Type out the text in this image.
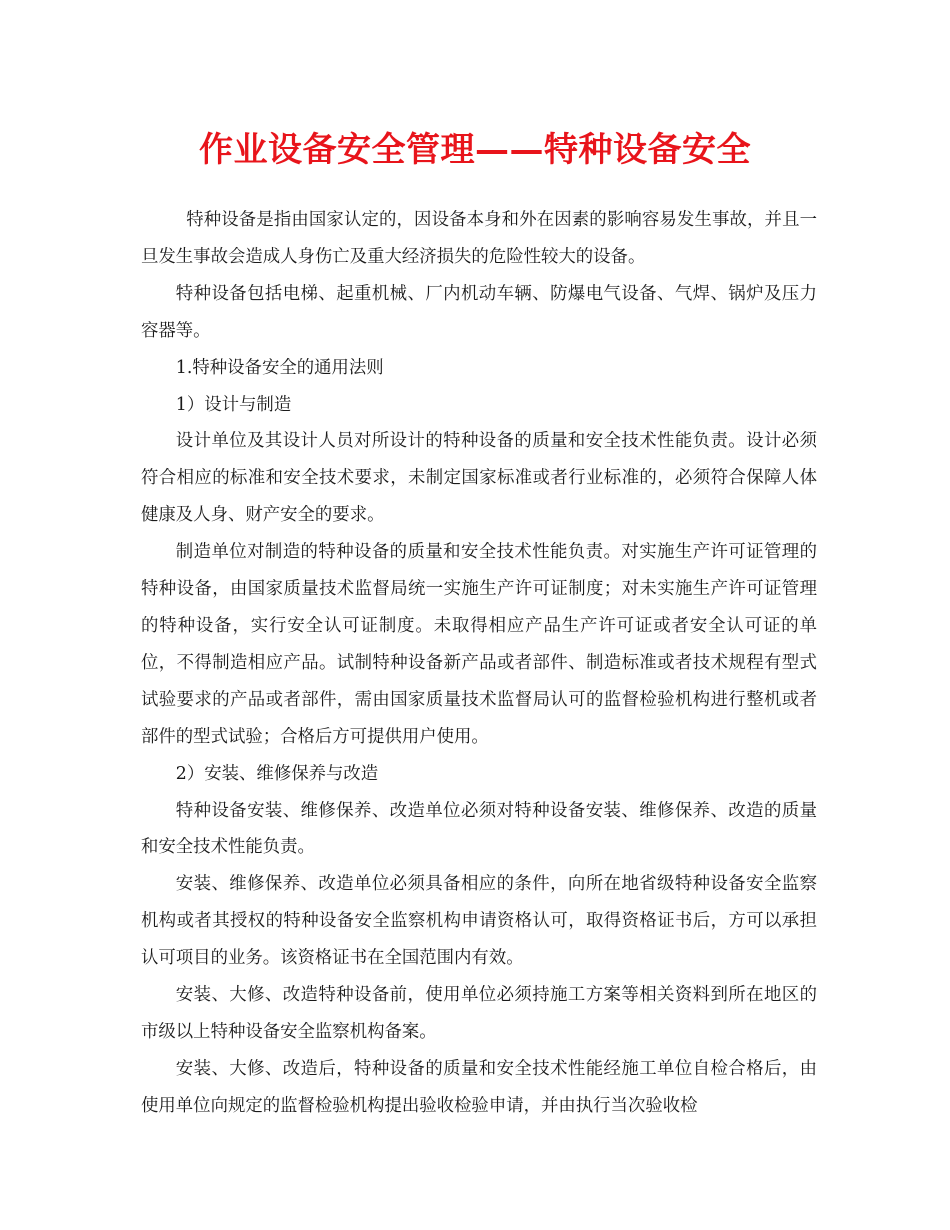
作业设备安全管理——特种设备安全

特种设备是指由国家认定的，因设备本身和外在因素的影响容易发生事故，并且一旦发生事故会造成人身伤亡及重大经济损失的危险性较大的设备。

特种设备包括电梯、起重机械、厂内机动车辆、防爆电气设备、气焊、锅炉及压力容器等。

1.特种设备安全的通用法则

1）设计与制造

设计单位及其设计人员对所设计的特种设备的质量和安全技术性能负责。设计必须符合相应的标准和安全技术要求，未制定国家标准或者行业标准的，必须符合保障人体健康及人身、财产安全的要求。

制造单位对制造的特种设备的质量和安全技术性能负责。对实施生产许可证管理的特种设备，由国家质量技术监督局统一实施生产许可证制度；对未实施生产许可证管理的特种设备，实行安全认可证制度。未取得相应产品生产许可证或者安全认可证的单位，不得制造相应产品。试制特种设备新产品或者部件、制造标准或者技术规程有型式试验要求的产品或者部件，需由国家质量技术监督局认可的监督检验机构进行整机或者部件的型式试验；合格后方可提供用户使用。

2）安装、维修保养与改造

特种设备安装、维修保养、改造单位必须对特种设备安装、维修保养、改造的质量和安全技术性能负责。

安装、维修保养、改造单位必须具备相应的条件，向所在地省级特种设备安全监察机构或者其授权的特种设备安全监察机构申请资格认可，取得资格证书后，方可以承担认可项目的业务。该资格证书在全国范围内有效。

安装、大修、改造特种设备前，使用单位必须持施工方案等相关资料到所在地区的市级以上特种设备安全监察机构备案。

安装、大修、改造后，特种设备的质量和安全技术性能经施工单位自检合格后，由使用单位向规定的监督检验机构提出验收检验申请，并由执行当次验收检
